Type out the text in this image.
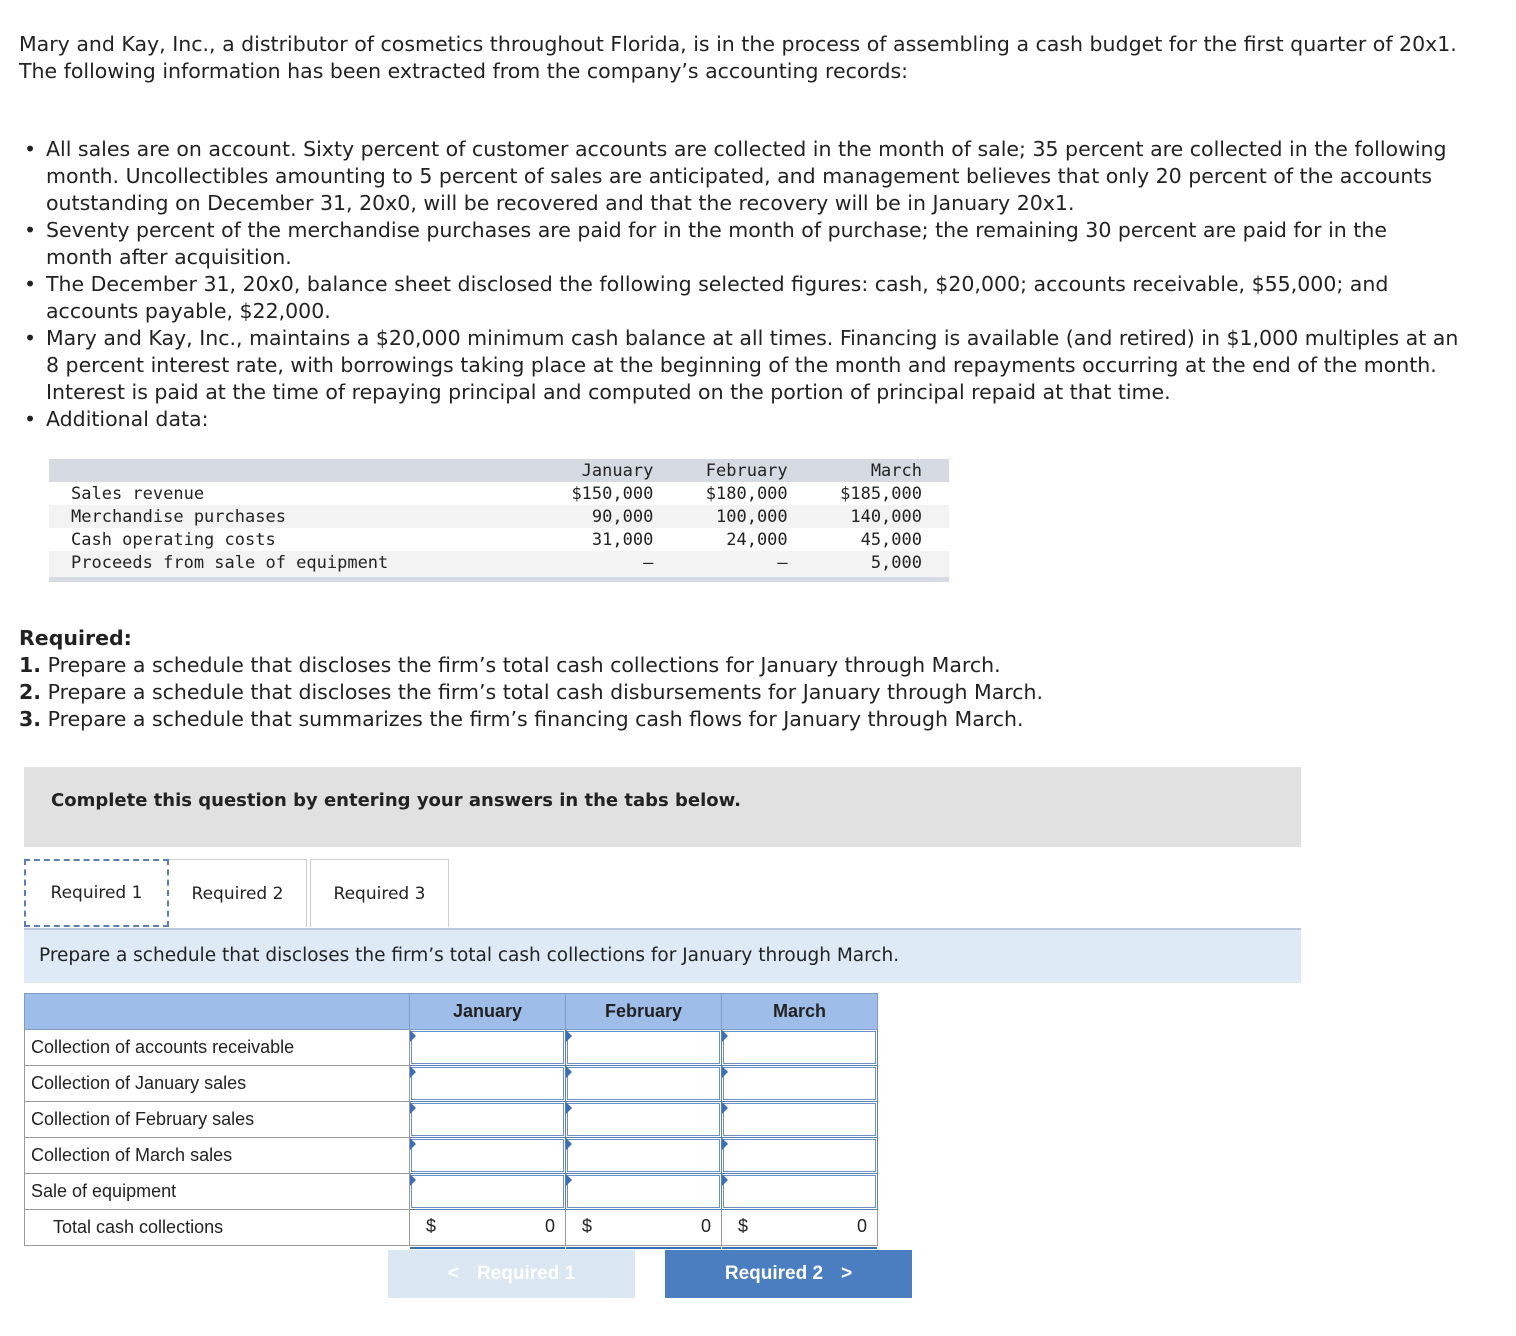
Mary and Kay, Inc., a distributor of cosmetics throughout Florida, is in the process of assembling a cash budget for the first quarter of 20x1. The following information has been extracted from the company’s accounting records:

• All sales are on account. Sixty percent of customer accounts are collected in the month of sale; 35 percent are collected in the following month. Uncollectibles amounting to 5 percent of sales are anticipated, and management believes that only 20 percent of the accounts outstanding on December 31, 20x0, will be recovered and that the recovery will be in January 20x1.
• Seventy percent of the merchandise purchases are paid for in the month of purchase; the remaining 30 percent are paid for in the month after acquisition.
• The December 31, 20x0, balance sheet disclosed the following selected figures: cash, $20,000; accounts receivable, $55,000; and accounts payable, $22,000.
• Mary and Kay, Inc., maintains a $20,000 minimum cash balance at all times. Financing is available (and retired) in $1,000 multiples at an 8 percent interest rate, with borrowings taking place at the beginning of the month and repayments occurring at the end of the month. Interest is paid at the time of repaying principal and computed on the portion of principal repaid at that time.
• Additional data:
	January	February	March
Sales revenue	$150,000	$180,000	$185,000
Merchandise purchases	90,000	100,000	140,000
Cash operating costs	31,000	24,000	45,000
Proceeds from sale of equipment	—	—	5,000
Required:
1. Prepare a schedule that discloses the firm’s total cash collections for January through March.
2. Prepare a schedule that discloses the firm’s total cash disbursements for January through March.
3. Prepare a schedule that summarizes the firm’s financing cash flows for January through March.
Complete this question by entering your answers in the tabs below.
Required 1	Required 2	Required 3
Prepare a schedule that discloses the firm’s total cash collections for January through March.
	January	February	March
Collection of accounts receivable	

Collection of January sales	

Collection of February sales	

Collection of March sales	

Sale of equipment	

Total cash collections	$ 0	$ 0	$ 0
< Required 1	Required 2 >
